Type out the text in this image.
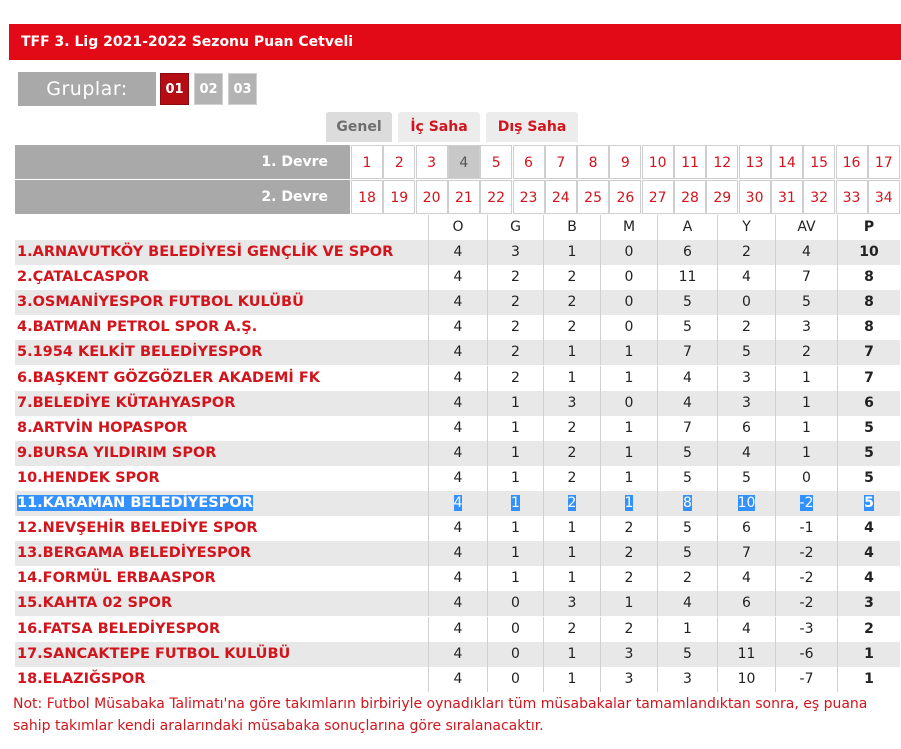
TFF 3. Lig 2021-2022 Sezonu Puan Cetveli
Gruplar:	01	02	03
Genel	İç Saha	Dış Saha
1. Devre	1	2	3	4	5	6	7	8	9	10	11	12	13	14	15	16	17
2. Devre	18	19	20	21	22	23	24	25	26	27	28	29	30	31	32	33	34
O	G	B	M	A	Y	AV	P
1.ARNAVUTKÖY BELEDİYESİ GENÇLİK VE SPOR	4	3	1	0	6	2	4	10
2.ÇATALCASPOR	4	2	2	0	11	4	7	8
3.OSMANİYESPOR FUTBOL KULÜBÜ	4	2	2	0	5	0	5	8
4.BATMAN PETROL SPOR A.Ş.	4	2	2	0	5	2	3	8
5.1954 KELKİT BELEDİYESPOR	4	2	1	1	7	5	2	7
6.BAŞKENT GÖZGÖZLER AKADEMİ FK	4	2	1	1	4	3	1	7
7.BELEDİYE KÜTAHYASPOR	4	1	3	0	4	3	1	6
8.ARTVİN HOPASPOR	4	1	2	1	7	6	1	5
9.BURSA YILDIRIM SPOR	4	1	2	1	5	4	1	5
10.HENDEK SPOR	4	1	2	1	5	5	0	5
11.KARAMAN BELEDİYESPOR	4	1	2	1	8	10	-2	5
12.NEVŞEHİR BELEDİYE SPOR	4	1	1	2	5	6	-1	4
13.BERGAMA BELEDİYESPOR	4	1	1	2	5	7	-2	4
14.FORMÜL ERBAASPOR	4	1	1	2	2	4	-2	4
15.KAHTA 02 SPOR	4	0	3	1	4	6	-2	3
16.FATSA BELEDİYESPOR	4	0	2	2	1	4	-3	2
17.SANCAKTEPE FUTBOL KULÜBÜ	4	0	1	3	5	11	-6	1
18.ELAZIĞSPOR	4	0	1	3	3	10	-7	1
Not: Futbol Müsabaka Talimatı'na göre takımların birbiriyle oynadıkları tüm müsabakalar tamamlandıktan sonra, eş puana sahip takımlar kendi aralarındaki müsabaka sonuçlarına göre sıralanacaktır.
